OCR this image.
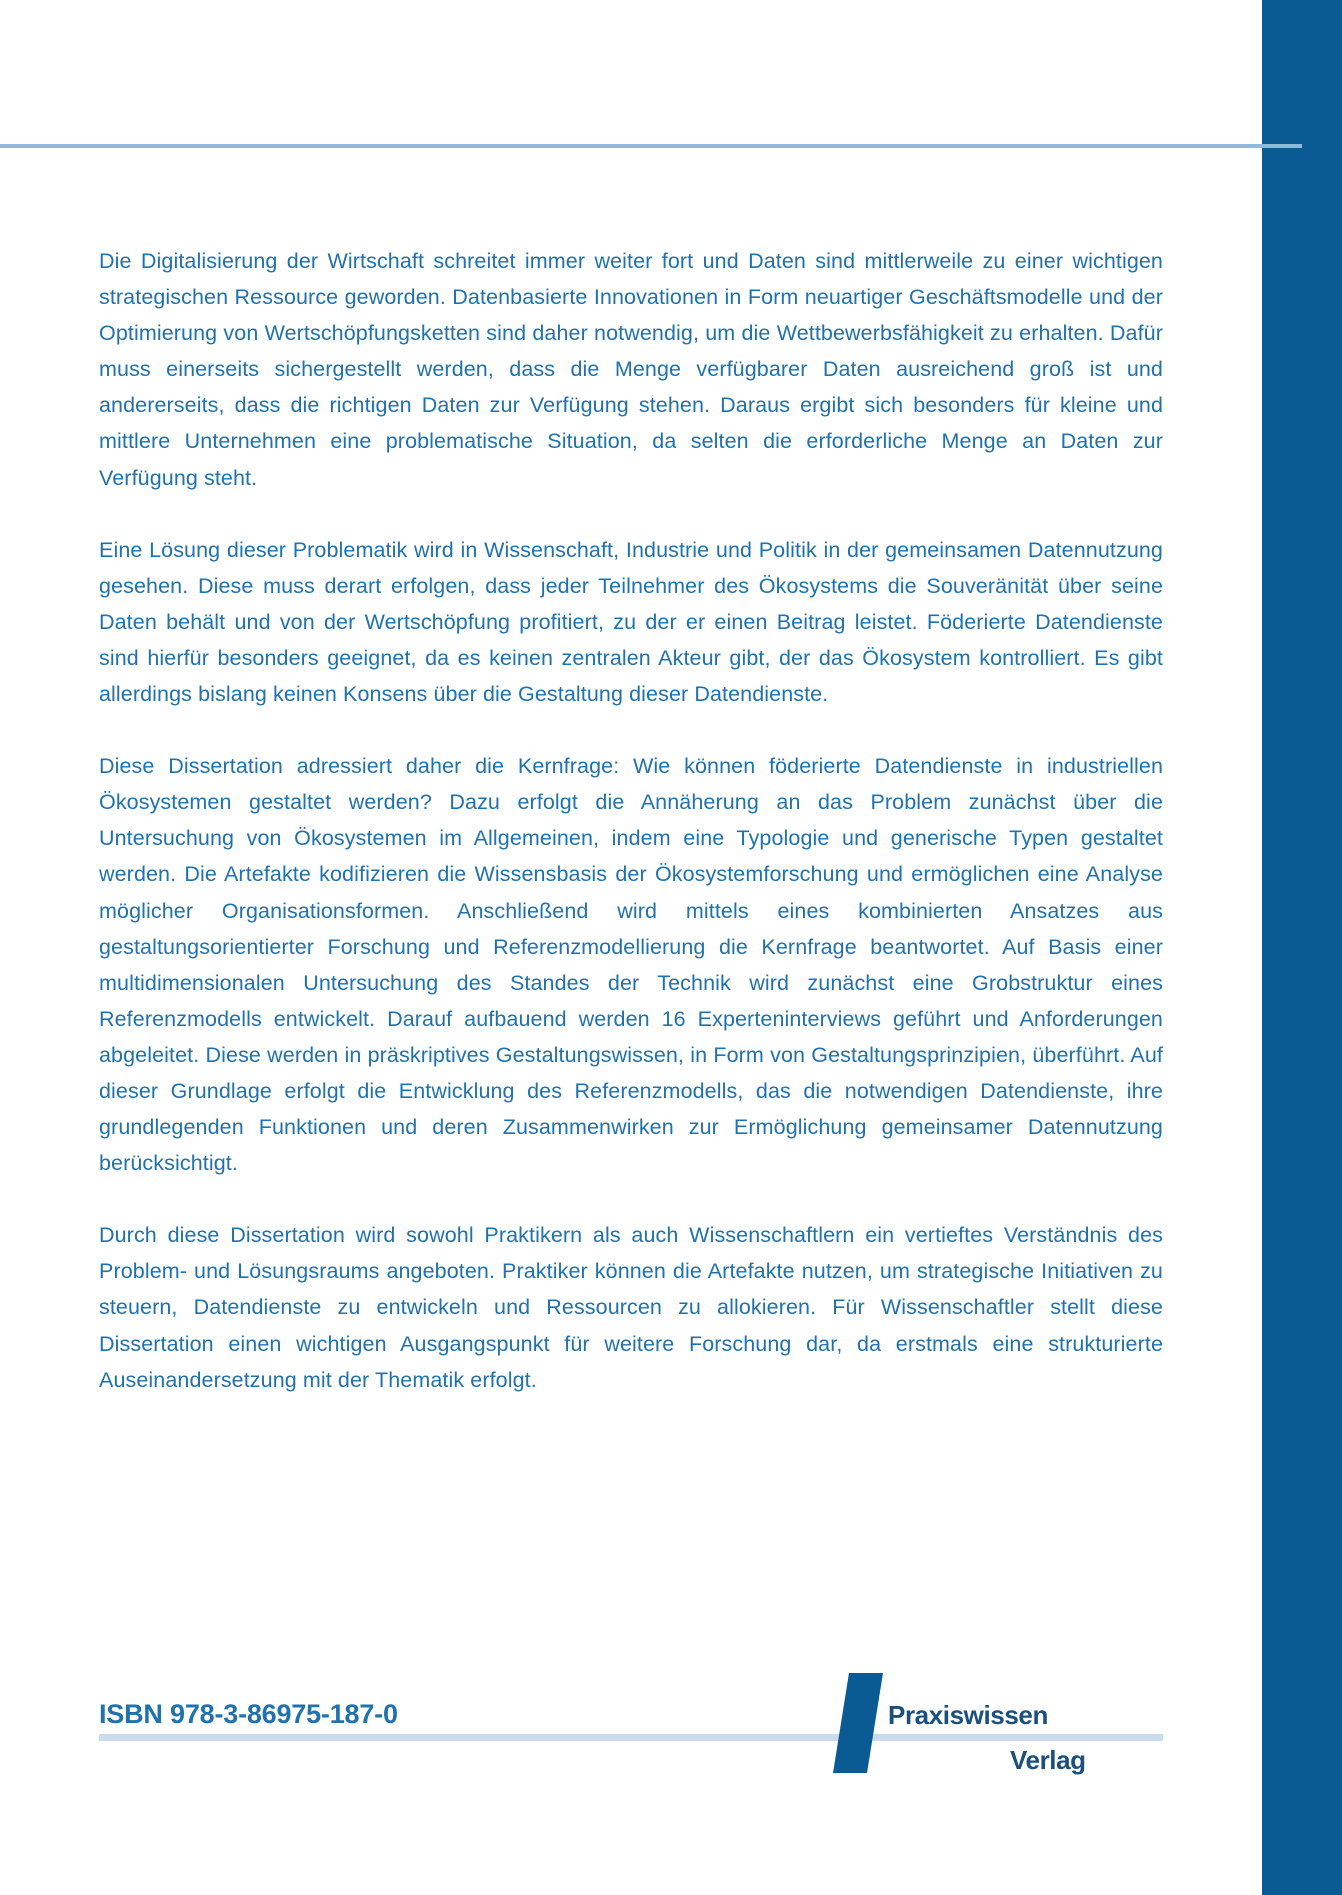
Die Digitalisierung der Wirtschaft schreitet immer weiter fort und Daten sind mittlerweile zu einer wichtigen strategischen Ressource geworden. Datenbasierte Innovationen in Form neuartiger Geschäftsmodelle und der Optimierung von Wertschöpfungsketten sind daher notwendig, um die Wettbewerbsfähigkeit zu erhalten. Dafür muss einerseits sichergestellt werden, dass die Menge verfügbarer Daten ausreichend groß ist und andererseits, dass die richtigen Daten zur Verfügung stehen. Daraus ergibt sich besonders für kleine und mittlere Unternehmen eine problematische Situation, da selten die erforderliche Menge an Daten zur Verfügung steht.

Eine Lösung dieser Problematik wird in Wissenschaft, Industrie und Politik in der gemeinsamen Datennutzung gesehen. Diese muss derart erfolgen, dass jeder Teilnehmer des Ökosystems die Souveränität über seine Daten behält und von der Wertschöpfung profitiert, zu der er einen Beitrag leistet. Föderierte Datendienste sind hierfür besonders geeignet, da es keinen zentralen Akteur gibt, der das Ökosystem kontrolliert. Es gibt allerdings bislang keinen Konsens über die Gestaltung dieser Datendienste.

Diese Dissertation adressiert daher die Kernfrage: Wie können föderierte Datendienste in industriellen Ökosystemen gestaltet werden? Dazu erfolgt die Annäherung an das Problem zunächst über die Untersuchung von Ökosystemen im Allgemeinen, indem eine Typologie und generische Typen gestaltet werden. Die Artefakte kodifizieren die Wissensbasis der Ökosystemforschung und ermöglichen eine Analyse möglicher Organisationsformen. Anschließend wird mittels eines kombinierten Ansatzes aus gestaltungsorientierter Forschung und Referenzmodellierung die Kernfrage beantwortet. Auf Basis einer multidimensionalen Untersuchung des Standes der Technik wird zunächst eine Grobstruktur eines Referenzmodells entwickelt. Darauf aufbauend werden 16 Experteninterviews geführt und Anforderungen abgeleitet. Diese werden in präskriptives Gestaltungswissen, in Form von Gestaltungsprinzipien, überführt. Auf dieser Grundlage erfolgt die Entwicklung des Referenzmodells, das die notwendigen Datendienste, ihre grundlegenden Funktionen und deren Zusammenwirken zur Ermöglichung gemeinsamer Datennutzung berücksichtigt.

Durch diese Dissertation wird sowohl Praktikern als auch Wissenschaftlern ein vertieftes Verständnis des Problem- und Lösungsraums angeboten. Praktiker können die Artefakte nutzen, um strategische Initiativen zu steuern, Datendienste zu entwickeln und Ressourcen zu allokieren. Für Wissenschaftler stellt diese Dissertation einen wichtigen Ausgangspunkt für weitere Forschung dar, da erstmals eine strukturierte Auseinandersetzung mit der Thematik erfolgt.

ISBN 978-3-86975-187-0	Praxiswissen
Verlag
